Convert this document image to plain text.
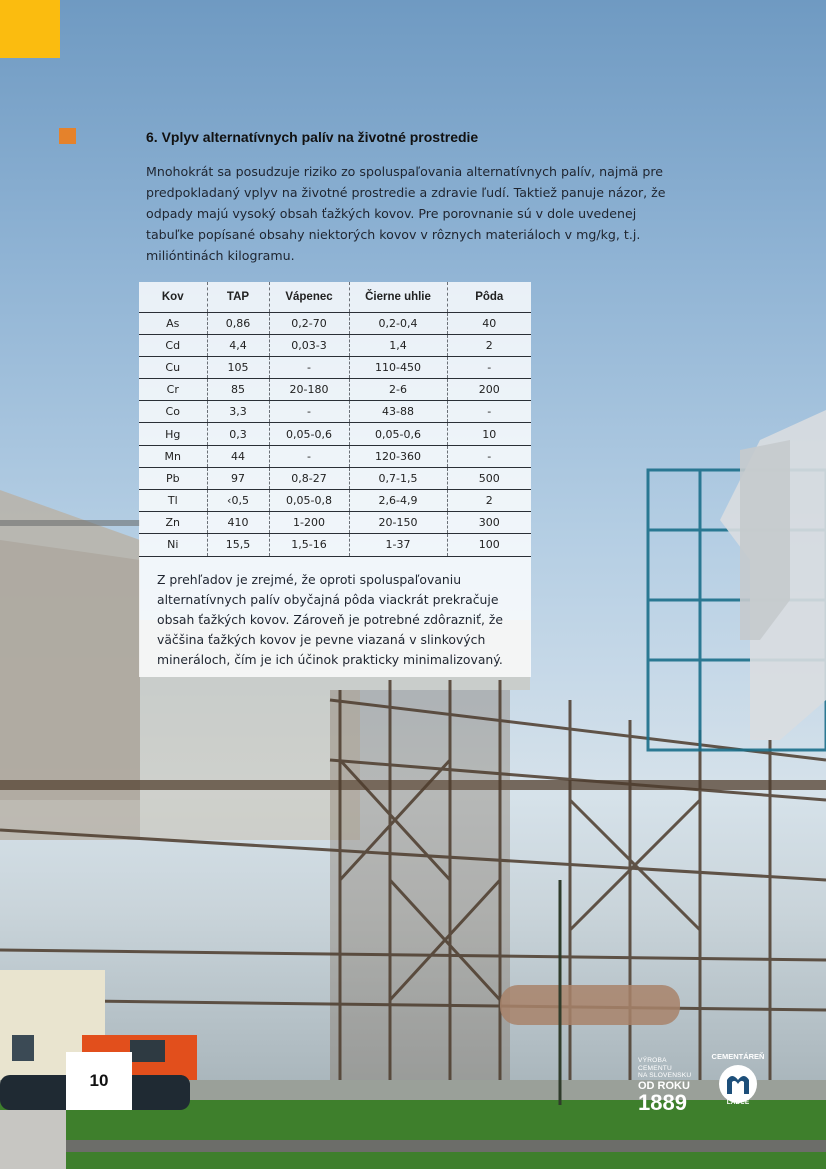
6. Vplyv alternatívnych palív na životné prostredie

Mnohokrát sa posudzuje riziko zo spoluspaľovania alternatívnych palív, najmä pre predpokladaný vplyv na životné prostredie a zdravie ľudí. Taktiež panuje názor, že odpady majú vysoký obsah ťažkých kovov. Pre porovnanie sú v dole uvedenej tabuľke popísané obsahy niektorých kovov v rôznych materiáloch v mg/kg, t.j. milióntinách kilogramu.

Kov	TAP	Vápenec	Čierne uhlie	Pôda
As	0,86	0,2-70	0,2-0,4	40
Cd	4,4	0,03-3	1,4	2
Cu	105	-	110-450	-
Cr	85	20-180	2-6	200
Co	3,3	-	43-88	-
Hg	0,3	0,05-0,6	0,05-0,6	10
Mn	44	-	120-360	-
Pb	97	0,8-27	0,7-1,5	500
Tl	‹0,5	0,05-0,8	2,6-4,9	2
Zn	410	1-200	20-150	300
Ni	15,5	1,5-16	1-37	100

Z prehľadov je zrejmé, že oproti spoluspaľovaniu alternatívnych palív obyčajná pôda viackrát prekračuje obsah ťažkých kovov. Zároveň je potrebné zdôrazniť, že väčšina ťažkých kovov je pevne viazaná v slinkových minerálоch, čím je ich účinok prakticky minimalizovaný.

10
VÝROBA CEMENTU
NA SLOVENSKU
OD ROKU
1889
CEMENTÁREŇ
LADCE
